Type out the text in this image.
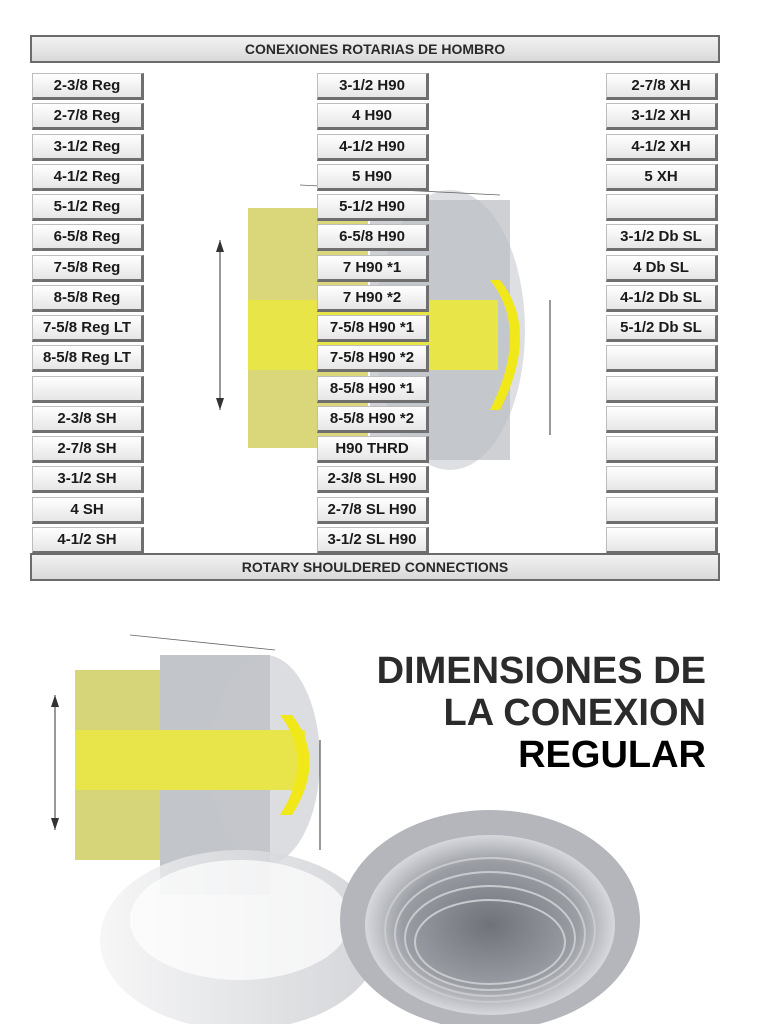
CONEXIONES ROTARIAS DE HOMBRO
2-3/8 Reg
2-7/8 Reg
3-1/2 Reg
4-1/2 Reg
5-1/2 Reg
6-5/8 Reg
7-5/8 Reg
8-5/8 Reg
7-5/8 Reg LT
8-5/8 Reg LT
2-3/8 SH
2-7/8 SH
3-1/2 SH
4 SH
4-1/2 SH
3-1/2 H90
4 H90
4-1/2 H90
5 H90
5-1/2 H90
6-5/8 H90
7 H90 *1
7 H90 *2
7-5/8 H90 *1
7-5/8 H90 *2
8-5/8 H90 *1
8-5/8 H90 *2
H90 THRD
2-3/8 SL H90
2-7/8 SL H90
3-1/2 SL H90
2-7/8 XH
3-1/2 XH
4-1/2 XH
5 XH
3-1/2 Db SL
4 Db SL
4-1/2 Db SL
5-1/2 Db SL
ROTARY SHOULDERED CONNECTIONS
DIMENSIONES DE
LA CONEXION
REGULAR
